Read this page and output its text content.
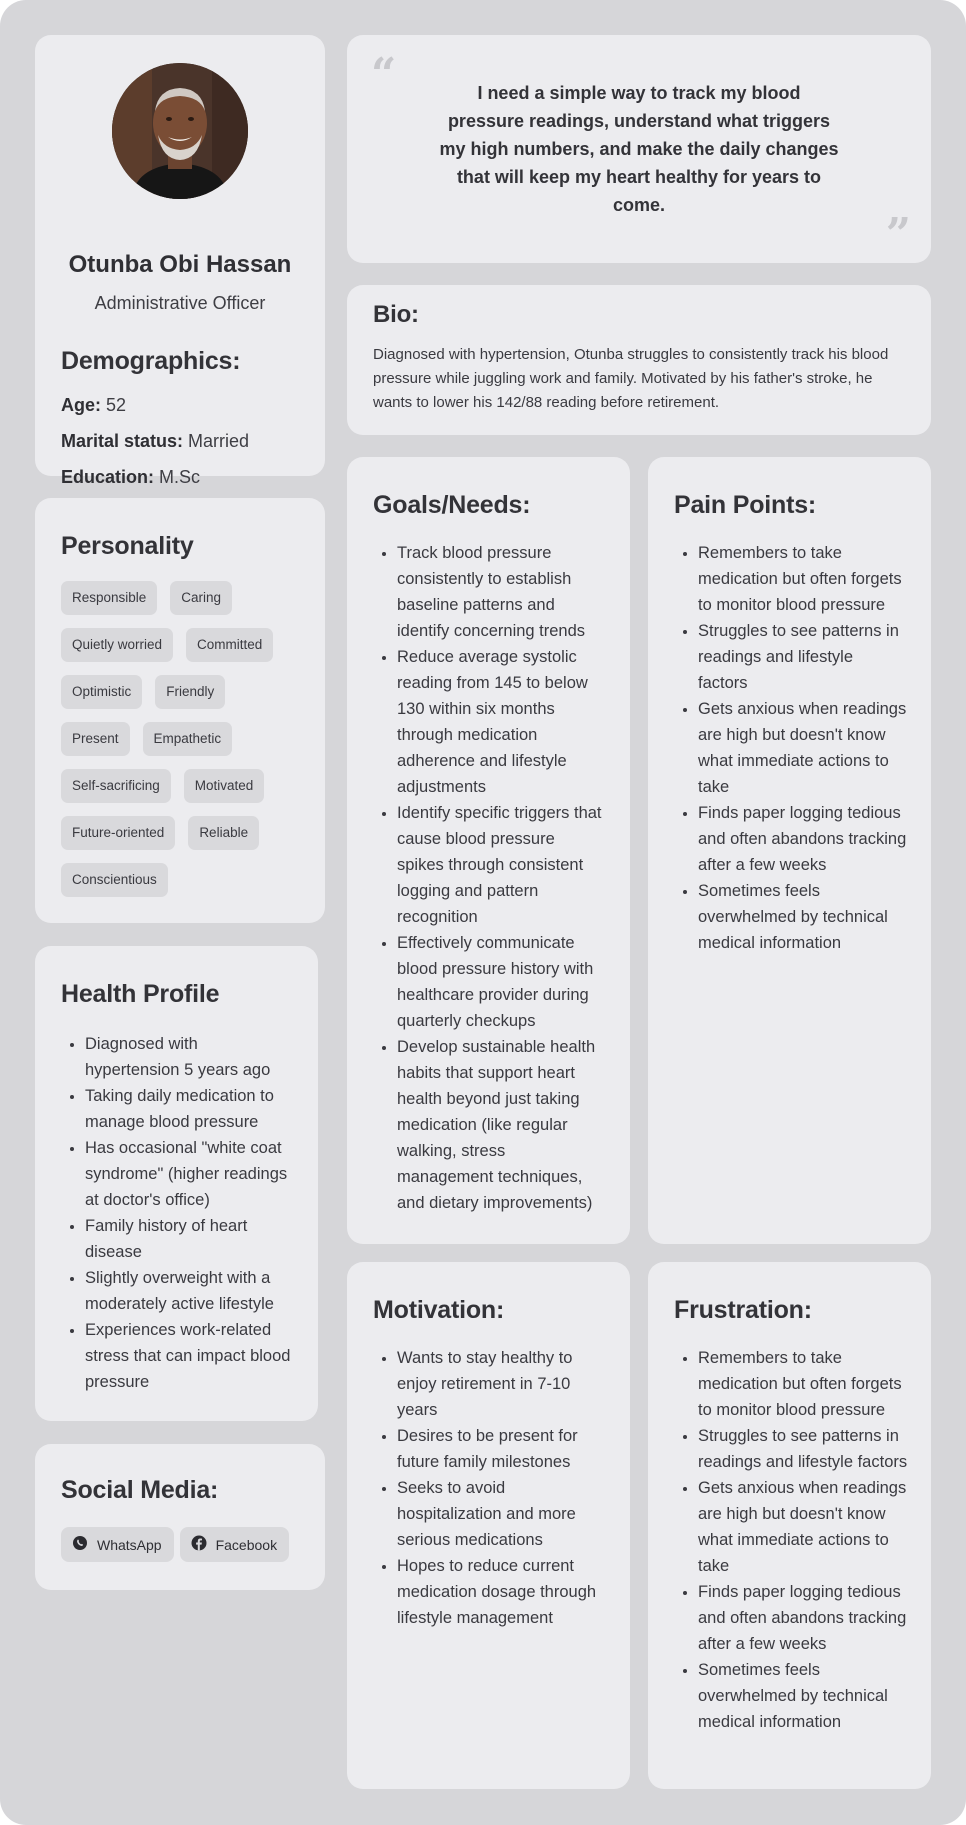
Otunba Obi Hassan
Administrative Officer
Demographics:

Age: 52

Marital status: Married

Education: M.Sc

Personality
Responsible	Caring
Quietly worried	Committed
Optimistic	Friendly
Present	Empathetic
Self-sacrificing	Motivated
Future-oriented	Reliable
Conscientious
Health Profile
• Diagnosed with hypertension 5 years ago
• Taking daily medication to manage blood pressure
• Has occasional "white coat syndrome" (higher readings at doctor's office)
• Family history of heart disease
• Slightly overweight with a moderately active lifestyle
• Experiences work-related stress that can impact blood pressure
Social Media:
WhatsApp	Facebook
“	I need a simple way to track my blood pressure readings, understand what triggers my high numbers, and make the daily changes that will keep my heart healthy for years to come.
”
Bio:

Diagnosed with hypertension, Otunba struggles to consistently track his blood pressure while juggling work and family. Motivated by his father's stroke, he wants to lower his 142/88 reading before retirement.

Goals/Needs:
• Track blood pressure consistently to establish baseline patterns and identify concerning trends
• Reduce average systolic reading from 145 to below 130 within six months through medication adherence and lifestyle adjustments
• Identify specific triggers that cause blood pressure spikes through consistent logging and pattern recognition
• Effectively communicate blood pressure history with healthcare provider during quarterly checkups
• Develop sustainable health habits that support heart health beyond just taking medication (like regular walking, stress management techniques, and dietary improvements)
Pain Points:
• Remembers to take medication but often forgets to monitor blood pressure
• Struggles to see patterns in readings and lifestyle factors
• Gets anxious when readings are high but doesn't know what immediate actions to take
• Finds paper logging tedious and often abandons tracking after a few weeks
• Sometimes feels overwhelmed by technical medical information
Motivation:
• Wants to stay healthy to enjoy retirement in 7-10 years
• Desires to be present for future family milestones
• Seeks to avoid hospitalization and more serious medications
• Hopes to reduce current medication dosage through lifestyle management
Frustration:
• Remembers to take medication but often forgets to monitor blood pressure
• Struggles to see patterns in readings and lifestyle factors
• Gets anxious when readings are high but doesn't know what immediate actions to take
• Finds paper logging tedious and often abandons tracking after a few weeks
• Sometimes feels overwhelmed by technical medical information
